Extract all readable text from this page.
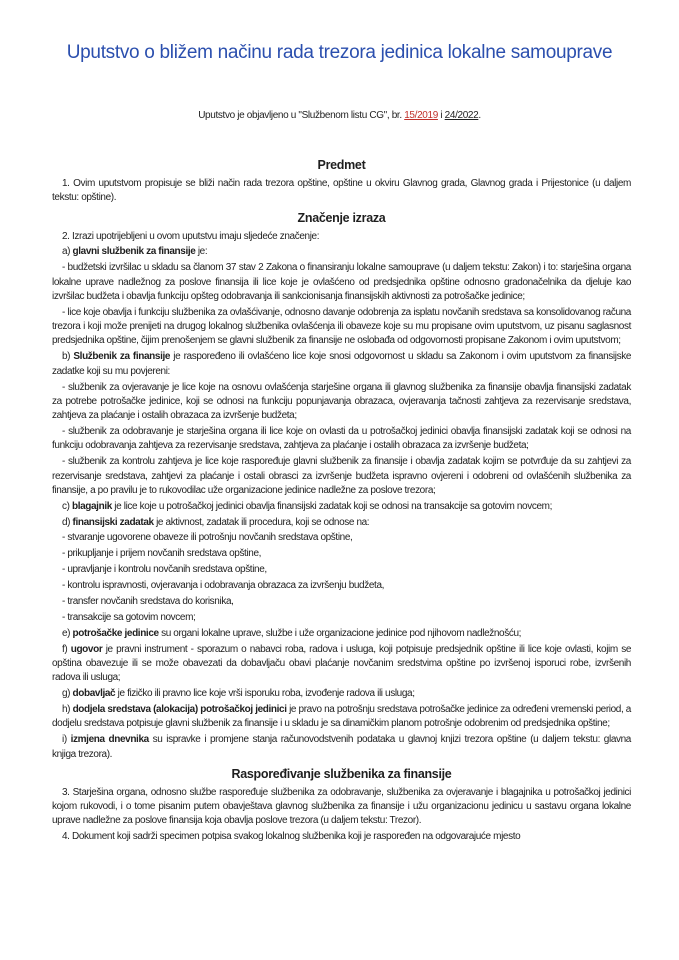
Uputstvo o bližem načinu rada trezora jedinica lokalne samouprave
Uputstvo je objavljeno u "Službenom listu CG", br. 15/2019 i 24/2022.
Predmet

1. Ovim uputstvom propisuje se bliži način rada trezora opštine, opštine u okviru Glavnog grada, Glavnog grada i Prijestonice (u daljem tekstu: opštine).

Značenje izraza

2. Izrazi upotrijebljeni u ovom uputstvu imaju sljedeće značenje:

a) glavni službenik za finansije je:

- budžetski izvršilac u skladu sa članom 37 stav 2 Zakona o finansiranju lokalne samouprave (u daljem tekstu: Zakon) i to: starješina organa lokalne uprave nadležnog za poslove finansija ili lice koje je ovlašćeno od predsjednika opštine odnosno gradonačelnika da djeluje kao izvršilac budžeta i obavlja funkciju opšteg odobravanja ili sankcionisanja finansijskih aktivnosti za potrošačke jedinice;

- lice koje obavlja i funkciju službenika za ovlašćivanje, odnosno davanje odobrenja za isplatu novčanih sredstava sa konsolidovanog računa trezora i koji može prenijeti na drugog lokalnog službenika ovlašćenja ili obaveze koje su mu propisane ovim uputstvom, uz pisanu saglasnost predsjednika opštine, čijim prenošenjem se glavni službenik za finansije ne oslobađa od odgovornosti propisane Zakonom i ovim uputstvom;

b) Službenik za finansije je raspoređeno ili ovlašćeno lice koje snosi odgovornost u skladu sa Zakonom i ovim uputstvom za finansijske zadatke koji su mu povjereni:

- službenik za ovjeravanje je lice koje na osnovu ovlašćenja starješine organa ili glavnog službenika za finansije obavlja finansijski zadatak za potrebe potrošačke jedinice, koji se odnosi na funkciju popunjavanja obrazaca, ovjeravanja tačnosti zahtjeva za rezervisanje sredstava, zahtjeva za plaćanje i ostalih obrazaca za izvršenje budžeta;

- službenik za odobravanje je starješina organa ili lice koje on ovlasti da u potrošačkoj jedinici obavlja finansijski zadatak koji se odnosi na funkciju odobravanja zahtjeva za rezervisanje sredstava, zahtjeva za plaćanje i ostalih obrazaca za izvršenje budžeta;

- službenik za kontrolu zahtjeva je lice koje raspoređuje glavni službenik za finansije i obavlja zadatak kojim se potvrđuje da su zahtjevi za rezervisanje sredstava, zahtjevi za plaćanje i ostali obrasci za izvršenje budžeta ispravno ovjereni i odobreni od ovlašćenih službenika za finansije, a po pravilu je to rukovodilac uže organizacione jedinice nadležne za poslove trezora;

c) blagajnik je lice koje u potrošačkoj jedinici obavlja finansijski zadatak koji se odnosi na transakcije sa gotovim novcem;

d) finansijski zadatak je aktivnost, zadatak ili procedura, koji se odnose na:

- stvaranje ugovorene obaveze ili potrošnju novčanih sredstava opštine,

- prikupljanje i prijem novčanih sredstava opštine,

- upravljanje i kontrolu novčanih sredstava opštine,

- kontrolu ispravnosti, ovjeravanja i odobravanja obrazaca za izvršenju budžeta,

- transfer novčanih sredstava do korisnika,

- transakcije sa gotovim novcem;

e) potrošačke jedinice su organi lokalne uprave, službe i uže organizacione jedinice pod njihovom nadležnošću;

f) ugovor je pravni instrument - sporazum o nabavci roba, radova i usluga, koji potpisuje predsjednik opštine ili lice koje ovlasti, kojim se opština obavezuje ili se može obavezati da dobavljaču obavi plaćanje novčanim sredstvima opštine po izvršenoj isporuci robe, izvršenih radova ili usluga;

g) dobavljač je fizičko ili pravno lice koje vrši isporuku roba, izvođenje radova ili usluga;

h) dodjela sredstava (alokacija) potrošačkoj jedinici je pravo na potrošnju sredstava potrošačke jedinice za određeni vremenski period, a dodjelu sredstava potpisuje glavni službenik za finansije i u skladu je sa dinamičkim planom potrošnje odobrenim od predsjednika opštine;

i) izmjena dnevnika su ispravke i promjene stanja računovodstvenih podataka u glavnoj knjizi trezora opštine (u daljem tekstu: glavna knjiga trezora).

Raspoređivanje službenika za finansije

3. Starješina organa, odnosno službe raspoređuje službenika za odobravanje, službenika za ovjeravanje i blagajnika u potrošačkoj jedinici kojom rukovodi, i o tome pisanim putem obavještava glavnog službenika za finansije i užu organizacionu jedinicu u sastavu organa lokalne uprave nadležne za poslove finansija koja obavlja poslove trezora (u daljem tekstu: Trezor).

4. Dokument koji sadrži specimen potpisa svakog lokalnog službenika koji je raspoređen na odgovarajuće mjesto
